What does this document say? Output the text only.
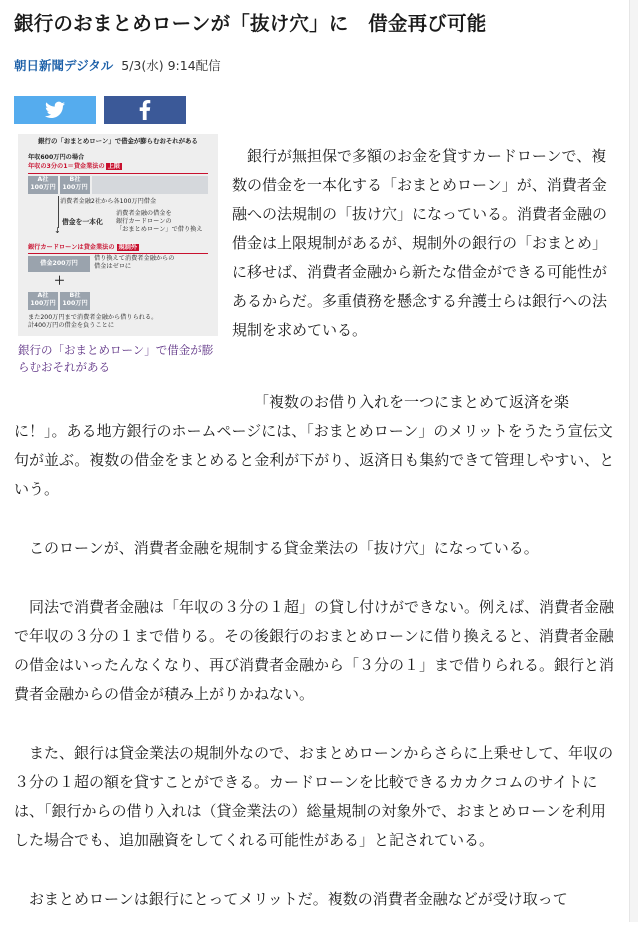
銀行のおまとめローンが「抜け穴」に　借金再び可能
朝日新聞デジタル 5/3(水) 9:14配信
銀行の「おまとめローン」で借金が膨らむおそれがある
年収600万円の場合
年収の3分の1＝貸金業法の 上限
A社
100万円
B社
100万円
消費者金融2社から各100万円借金
↓
借金を一本化
消費者金融の借金を
銀行カードローンの
「おまとめローン」で借り換え
銀行カードローンは貸金業法の 規制外
借金200万円
借り換えて消費者金融からの
借金はゼロに
＋
A社
100万円
B社
100万円
また200万円まで消費者金融から借りられる。
計400万円の借金を負うことに
銀行の「おまとめローン」で借金が膨らむおそれがある
銀行が無担保で多額のお金を貸すカードローンで、複数の借金を一本化する「おまとめローン」が、消費者金融への法規制の「抜け穴」になっている。消費者金融の借金は上限規制があるが、規制外の銀行の「おまとめ」に移せば、消費者金融から新たな借金ができる可能性があるからだ。多重債務を懸念する弁護士らは銀行への法規制を求めている。

「複数のお借り入れを一つにまとめて返済を楽に！」。ある地方銀行のホームページには、「おまとめローン」のメリットをうたう宣伝文句が並ぶ。複数の借金をまとめると金利が下がり、返済日も集約できて管理しやすい、という。

このローンが、消費者金融を規制する貸金業法の「抜け穴」になっている。

同法で消費者金融は「年収の３分の１超」の貸し付けができない。例えば、消費者金融で年収の３分の１まで借りる。その後銀行のおまとめローンに借り換えると、消費者金融の借金はいったんなくなり、再び消費者金融から「３分の１」まで借りられる。銀行と消費者金融からの借金が積み上がりかねない。

また、銀行は貸金業法の規制外なので、おまとめローンからさらに上乗せして、年収の３分の１超の額を貸すことができる。カードローンを比較できるカカクコムのサイトには、「銀行からの借り入れは（貸金業法の）総量規制の対象外で、おまとめローンを利用した場合でも、追加融資をしてくれる可能性がある」と記されている。

おまとめローンは銀行にとってメリットだ。複数の消費者金融などが受け取って
